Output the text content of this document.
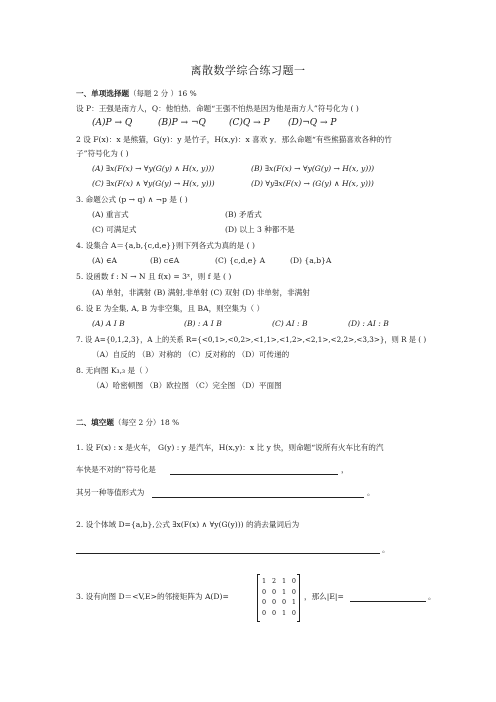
离散数学综合练习题一
一、单项选择题（每题 2 分 ）16 %
设 P：王强是南方人，Q：他怕热．命题“王强不怕热是因为他是南方人”符号化为 ( )
(A)P → Q	(B)P → ¬Q	(C)Q → P (D)¬Q → P
2 设 F(x)：x 是熊猫，G(y)：y 是竹子，H(x,y)：x 喜欢 y．那么命题“有些熊猫喜欢各种的竹
子”符号化为 ( )
(A) ∃x(F(x) → ∀y(G(y) ∧ H(x, y)))	(B) ∃x(F(x) → ∀y(G(y) → H(x, y)))
(C) ∃x(F(x) ∧ ∀y(G(y) → H(x, y)))	(D) ∀y∃x(F(x) → (G(y) ∧ H(x, y)))
3. 命题公式 (p → q) ∧ ¬p 是 ( )
(A) 重言式	(B) 矛盾式
(C) 可满足式	(D) 以上 3 种都不是
4. 设集合 A＝{a,b,{c,d,e}}则下列各式为真的是 ( )
(A) ∈A	(B) c∈A	(C) {c,d,e} A	(D) {a,b}A
5. 设函数 f : N → N 且 f(x) = 3ˣ，则 f 是 ( )
(A) 单射，非满射 (B) 满射,非单射 (C) 双射 (D) 非单射，非满射
6. 设 E 为全集, A, B 为非空集，且 BA，则空集为（ ）
(A) A I B	(B) : A I B	(C) AI : B	(D) : AI : B
7. 设 A={0,1,2,3}，A 上的关系 R={<0,1>,<0,2>,<1,1>,<1,2>,<2,1>,<2,2>,<3,3>}，则 R 是 ( )
（A）自反的 （B）对称的 （C）反对称的 （D）可传递的
8. 无向图 K₃,₃ 是（ ）
（A）哈密顿图 （B）欧拉图 （C）完全图 （D）平面图
二、填空题（每空 2 分）18 %
1. 设 F(x) : x 是火车， G(y) : y 是汽车，H(x,y)：x 比 y 快，则命题“说所有火车比有的汽
车快是不对的”符号化是	，
其另一种等值形式为	。
2. 设个体域 D={a,b},公式 ∃x(F(x) ∧ ∀y(G(y))) 的消去量词后为
。
3. 设有向图 D＝<V,E>的邻接矩阵为 A(D)=
1 2 1 0
0 0 1 0
0 0 0 1
0 0 1 0
，那么|E|=	。
